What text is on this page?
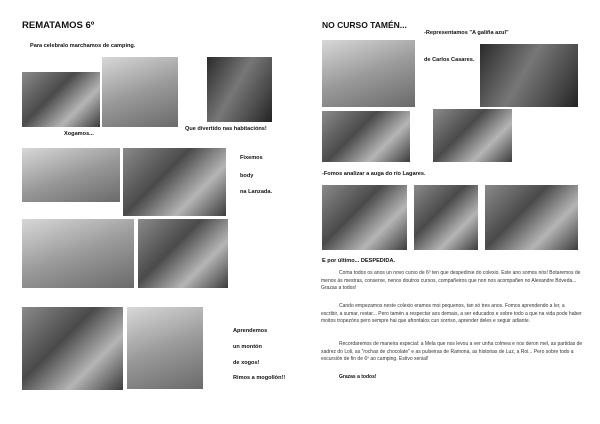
REMATAMOS 6º
Para celebralo marchamos de camping.
Xogamos...
Que divertido nas habitacións!
Fixemos
body
na Lanzada.
Aprendemos
un montón
de xogos!
Rimos a mogollón!!
NO CURSO TAMÉN...
-Representamos "A galiña azul"
de Carlos Casares.
-Fomos analizar a auga do río Lagares.
E por último... DESPEDIDA.
Coma todos os anos un novo curso de 6º ten que despedirse do colexio. Este ano somos nós! Botaremos de menos ás mestras, conserxe, nenos doutros cursos, compañeiros que non nos acompañen no Alexandre Bóveda... Grazas a todos!
Cando empezamos neste colexio eramos moi pequenos, tan só tres anos. Fomos aprendendo a ler, a escribir, a sumar, restar... Pero tamén a respectar aos demais, a ser educados e sobre todo a que na vida pode haber moitos tropezóns pero sempre hai que afrontalos cun sorriso, aprender deles e seguir adiante.
Recordaremos de maneira especial: a Mela que nos levou a ver unha colmea e nos deron mel, as partidas de xadrez do Loli, as "rochas de chocolate" e as pulseiras de Ramona, as historias de Luz, a Roi... Pero sobre todo a excursión de fin de 6º ao camping. Estivo xenial!
Grazas a todos!
